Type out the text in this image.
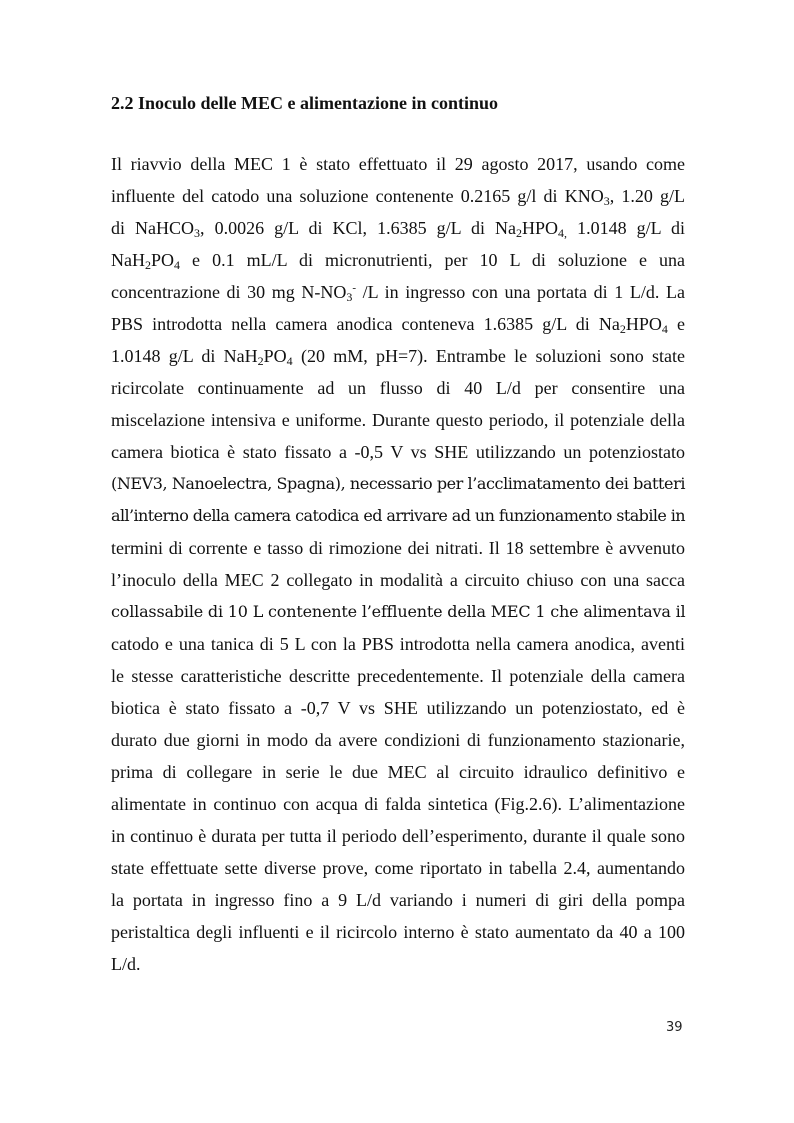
2.2 Inoculo delle MEC e alimentazione in continuo
Il riavvio della MEC 1 è stato effettuato il 29 agosto 2017, usando come
influente del catodo una soluzione contenente 0.2165 g/l di $KNO_3$, 1.20 g/L
di NaHCO$_3$, 0.0026 g/L di KCl, 1.6385 g/L di $Na_2HPO_{4,}$ 1.0148 g/L di
$NaH_2PO_4$ e 0.1 mL/L di micronutrienti, per 10 L di soluzione e una
concentrazione di 30 mg $N-NO_3^-$ /L in ingresso con una portata di 1 L/d. La
PBS introdotta nella camera anodica conteneva 1.6385 g/L di $Na_2HPO_4$ e
1.0148 g/L di $NaH_2PO_4$ (20 mM, pH=7). Entrambe le soluzioni sono state
ricircolate continuamente ad un flusso di 40 L/d per consentire una
miscelazione intensiva e uniforme. Durante questo periodo, il potenziale della
camera biotica è stato fissato a -0,5 V vs SHE utilizzando un potenziostato
(NEV3, Nanoelectra, Spagna), necessario per l’acclimatamento dei batteri
all’interno della camera catodica ed arrivare ad un funzionamento stabile in
termini di corrente e tasso di rimozione dei nitrati. Il 18 settembre è avvenuto
l’inoculo della MEC 2 collegato in modalità a circuito chiuso con una sacca
collassabile di 10 L contenente l’effluente della MEC 1 che alimentava il
catodo e una tanica di 5 L con la PBS introdotta nella camera anodica, aventi
le stesse caratteristiche descritte precedentemente. Il potenziale della camera
biotica è stato fissato a -0,7 V vs SHE utilizzando un potenziostato, ed è
durato due giorni in modo da avere condizioni di funzionamento stazionarie,
prima di collegare in serie le due MEC al circuito idraulico definitivo e
alimentate in continuo con acqua di falda sintetica (Fig.2.6). L’alimentazione
in continuo è durata per tutta il periodo dell’esperimento, durante il quale sono
state effettuate sette diverse prove, come riportato in tabella 2.4, aumentando
la portata in ingresso fino a 9 L/d variando i numeri di giri della pompa
peristaltica degli influenti e il ricircolo interno è stato aumentato da 40 a 100
L/d.
39
